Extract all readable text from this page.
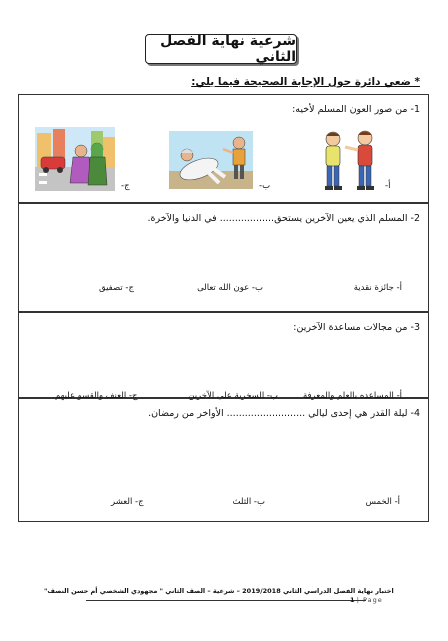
شرعية نهاية الفصل الثاني
* ضعي دائرة حول الإجابة الصحيحة فيما يلي:
1- من صور العون المسلم لأخيه:
أ-
ب-
ج-
2- المسلم الذي يعين الآخرين يستحق.................. في الدنيا والآخرة.
أ- جائزة نقدية
ب- عون الله تعالى
ج- تصفيق
3- من مجالات مساعدة الآخرين:
أ- المساعده بالعلم والمعرفة
ب- السخرية على الآخرين
ج- العنف والقسو عليهم
4- ليلة القدر هي إحدى ليالي .......................... الأواخر من رمضان.
أ- الخمس
ب- الثلث
ج- العشر
اختبار نهاية الفصل الدراسي الثاني 2019/2018 – شرعية – الصف الثاني " مجهودي الشخصي أم حسن النصف"
1 | Page
